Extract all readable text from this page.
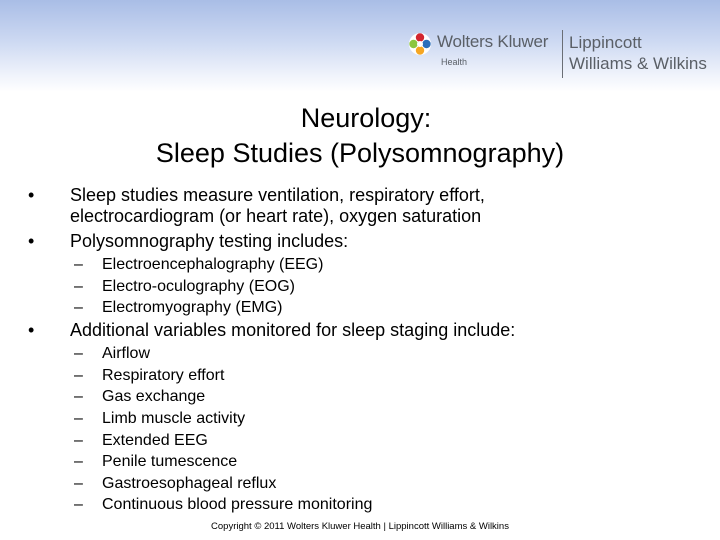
Wolters Kluwer
Health
Lippincott
Williams & Wilkins
Neurology:
Sleep Studies (Polysomnography)
• Sleep studies measure ventilation, respiratory effort,
electrocardiogram (or heart rate), oxygen saturation
• Polysomnography testing includes:
– Electroencephalography (EEG)
– Electro-oculography (EOG)
– Electromyography (EMG)
• Additional variables monitored for sleep staging include:
– Airflow
– Respiratory effort
– Gas exchange
– Limb muscle activity
– Extended EEG
– Penile tumescence
– Gastroesophageal reflux
– Continuous blood pressure monitoring
Copyright © 2011 Wolters Kluwer Health | Lippincott Williams & Wilkins
